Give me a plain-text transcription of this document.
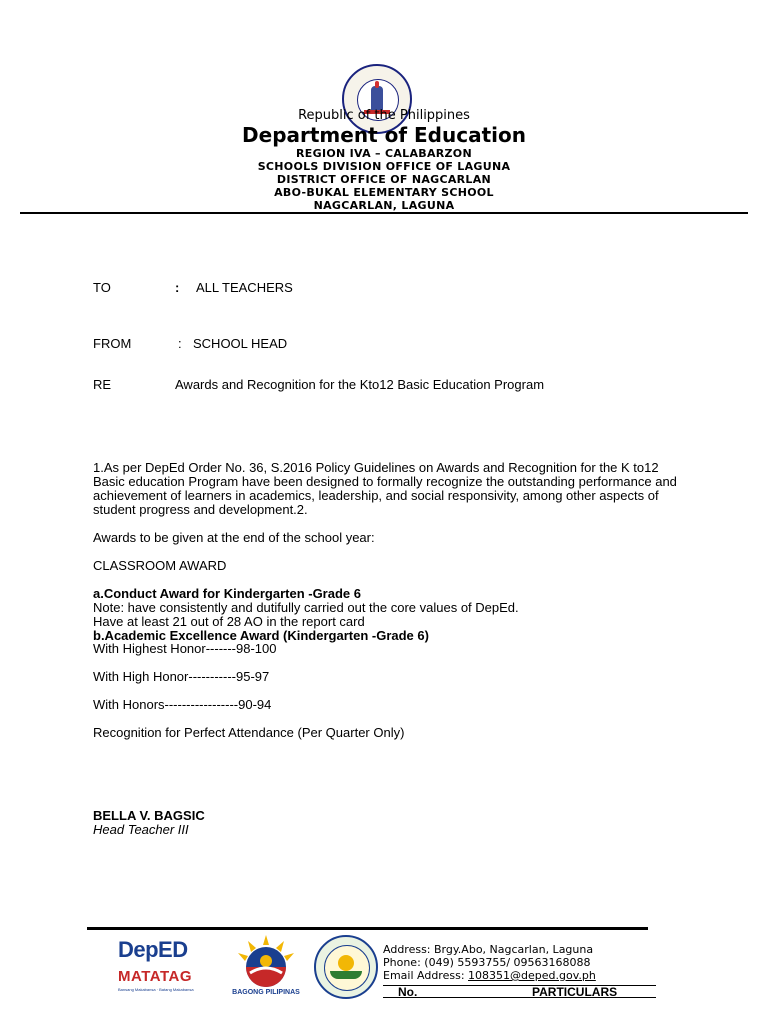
Republic of the Philippines
Department of Education
REGION IVA – CALABARZON
SCHOOLS DIVISION OFFICE OF LAGUNA
DISTRICT OFFICE OF NAGCARLAN
ABO-BUKAL ELEMENTARY SCHOOL
NAGCARLAN, LAGUNA
TO	: ALL TEACHERS
FROM	: SCHOOL HEAD
RE	Awards and Recognition for the Kto12 Basic Education Program
1.As per DepEd Order No. 36, S.2016 Policy Guidelines on Awards and Recognition for the K to12 Basic education Program have been designed to formally recognize the outstanding performance and achievement of learners in academics, leadership, and social responsivity, among other aspects of student progress and development.2.
Awards to be given at the end of the school year:
CLASSROOM AWARD
a.Conduct Award for Kindergarten -Grade 6
Note: have consistently and dutifully carried out the core values of DepEd.
Have at least 21 out of 28 AO in the report card
b.Academic Excellence Award (Kindergarten -Grade 6)
With Highest Honor-------98-100
With High Honor-----------95-97
With Honors-----------------90-94
Recognition for Perfect Attendance (Per Quarter Only)
BELLA V. BAGSIC
Head Teacher III
DepED
MATATAG
Bansang Makabansa · Batang Makabansa	BAGONG PILIPINAS
Address: Brgy.Abo, Nagcarlan, Laguna
Phone: (049) 5593755/ 09563168088
Email Address: 108351@deped.gov.ph
No.	PARTICULARS
